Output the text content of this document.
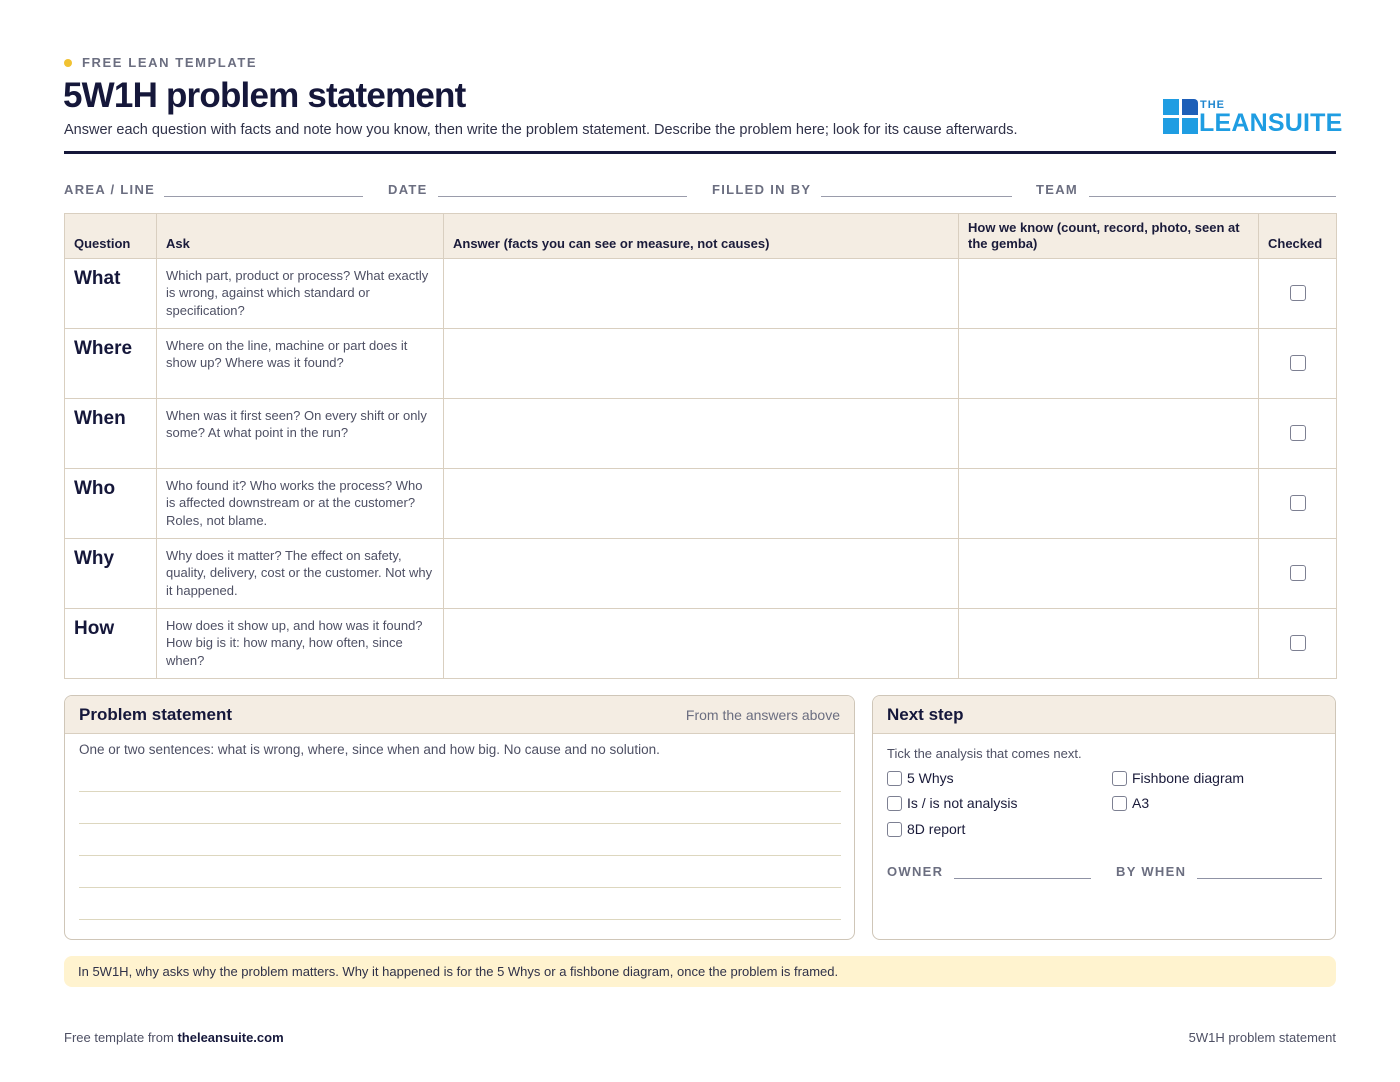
FREE LEAN TEMPLATE
5W1H problem statement
Answer each question with facts and note how you know, then write the problem statement. Describe the problem here; look for its cause afterwards.
THE
LEANSUITE
AREA / LINE	DATE	FILLED IN BY	TEAM
Question	Ask	Answer (facts you can see or measure, not causes)	How we know (count, record, photo, seen at the gemba)	Checked
What	Which part, product or process? What exactly is wrong, against which standard or specification?			
Where	Where on the line, machine or part does it show up? Where was it found?			
When	When was it first seen? On every shift or only some? At what point in the run?			
Who	Who found it? Who works the process? Who is affected downstream or at the customer? Roles, not blame.			
Why	Why does it matter? The effect on safety, quality, delivery, cost or the customer. Not why it happened.			
How	How does it show up, and how was it found? How big is it: how many, how often, since when?			
Problem statement	From the answers above
One or two sentences: what is wrong, where, since when and how big. No cause and no solution.
Next step
Tick the analysis that comes next.
5 Whys	Fishbone diagram
Is / is not analysis	A3
8D report
OWNER	BY WHEN
In 5W1H, why asks why the problem matters. Why it happened is for the 5 Whys or a fishbone diagram, once the problem is framed.
Free template from theleansuite.com	5W1H problem statement
